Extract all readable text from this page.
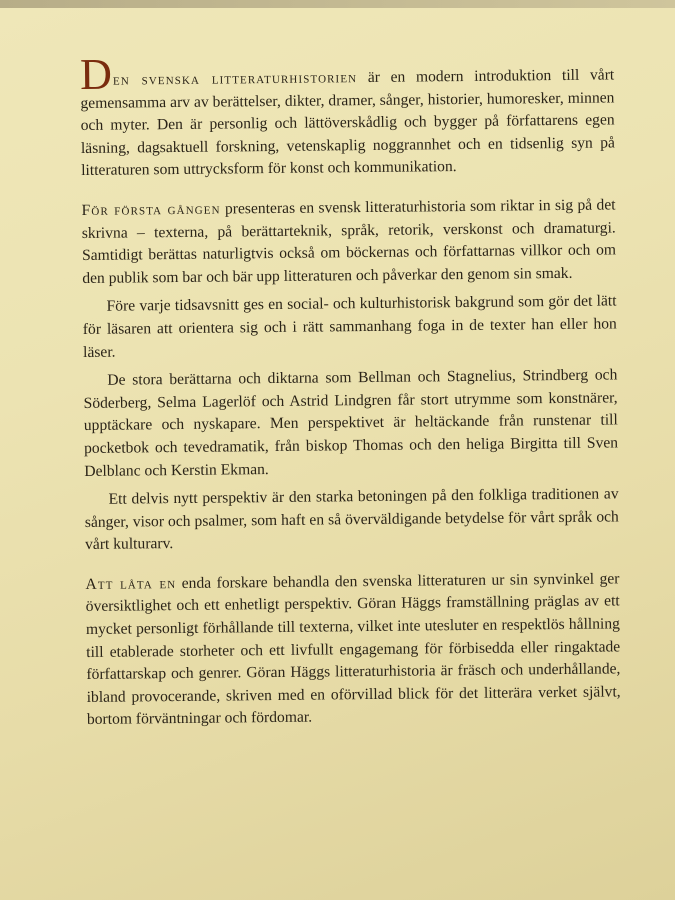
Den svenska litteraturhistorien är en modern introduktion till vårt gemensamma arv av berättelser, dikter, dramer, sånger, historier, humoresker, minnen och myter. Den är personlig och lättöverskådlig och bygger på författarens egen läsning, dagsaktuell forskning, vetenskaplig noggrannhet och en tidsenlig syn på litteraturen som uttrycksform för konst och kommunikation.

För första gången presenteras en svensk litteraturhistoria som riktar in sig på det skrivna – texterna, på berättarteknik, språk, retorik, verskonst och dramaturgi. Samtidigt berättas naturligtvis också om böckernas och författarnas villkor och om den publik som bar och bär upp litteraturen och påverkar den genom sin smak.

Före varje tidsavsnitt ges en social- och kulturhistorisk bakgrund som gör det lätt för läsaren att orientera sig och i rätt sammanhang foga in de texter han eller hon läser.

De stora berättarna och diktarna som Bellman och Stagnelius, Strindberg och Söderberg, Selma Lagerlöf och Astrid Lindgren får stort utrymme som konstnärer, upptäckare och nyskapare. Men perspektivet är heltäckande från runstenar till pocketbok och tevedramatik, från biskop Thomas och den heliga Birgitta till Sven Delblanc och Kerstin Ekman.

Ett delvis nytt perspektiv är den starka betoningen på den folkliga traditionen av sånger, visor och psalmer, som haft en så överväldigande betydelse för vårt språk och vårt kulturarv.

Att låta en enda forskare behandla den svenska litteraturen ur sin synvinkel ger översiktlighet och ett enhetligt perspektiv. Göran Häggs framställning präglas av ett mycket personligt förhållande till texterna, vilket inte utesluter en respektlös hållning till etablerade storheter och ett livfullt engagemang för förbisedda eller ringaktade författarskap och genrer. Göran Häggs litteraturhistoria är fräsch och underhållande, ibland provocerande, skriven med en oförvillad blick för det litterära verket självt, bortom förväntningar och fördomar.
